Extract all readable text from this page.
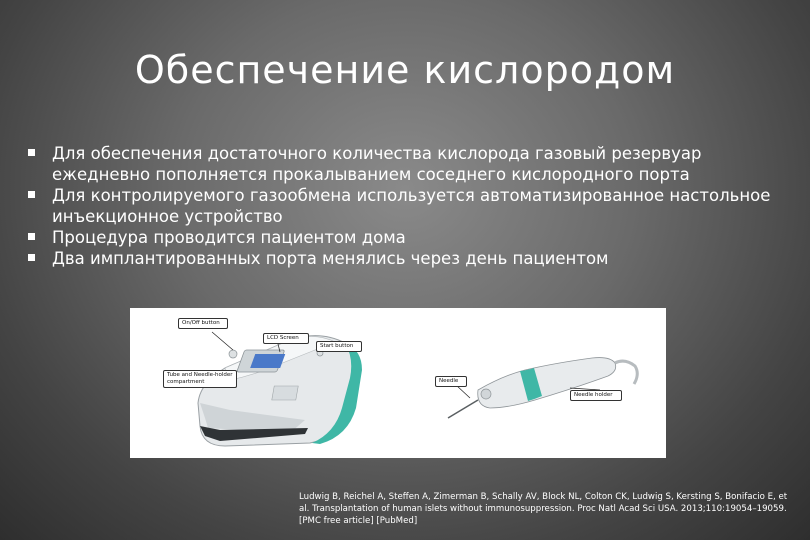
Обеспечение кислородом
Для обеспечения достаточного количества кислорода газовый резервуар ежедневно пополняется прокалыванием соседнего кислородного порта
Для контролируемого газообмена используется автоматизированное настольное инъекционное устройство
Процедура проводится пациентом дома
Два имплантированных порта менялись через день пациентом
On/Off button
LCD Screen
Start button
Tube and Needle-holder compartment	Needle
Needle holder
Ludwig B, Reichel A, Steffen A, Zimerman B, Schally AV, Block NL, Colton CK, Ludwig S, Kersting S, Bonifacio E, et al. Transplantation of human islets without immunosuppression. Proc Natl Acad Sci USA. 2013;110:19054–19059. [PMC free article] [PubMed]
